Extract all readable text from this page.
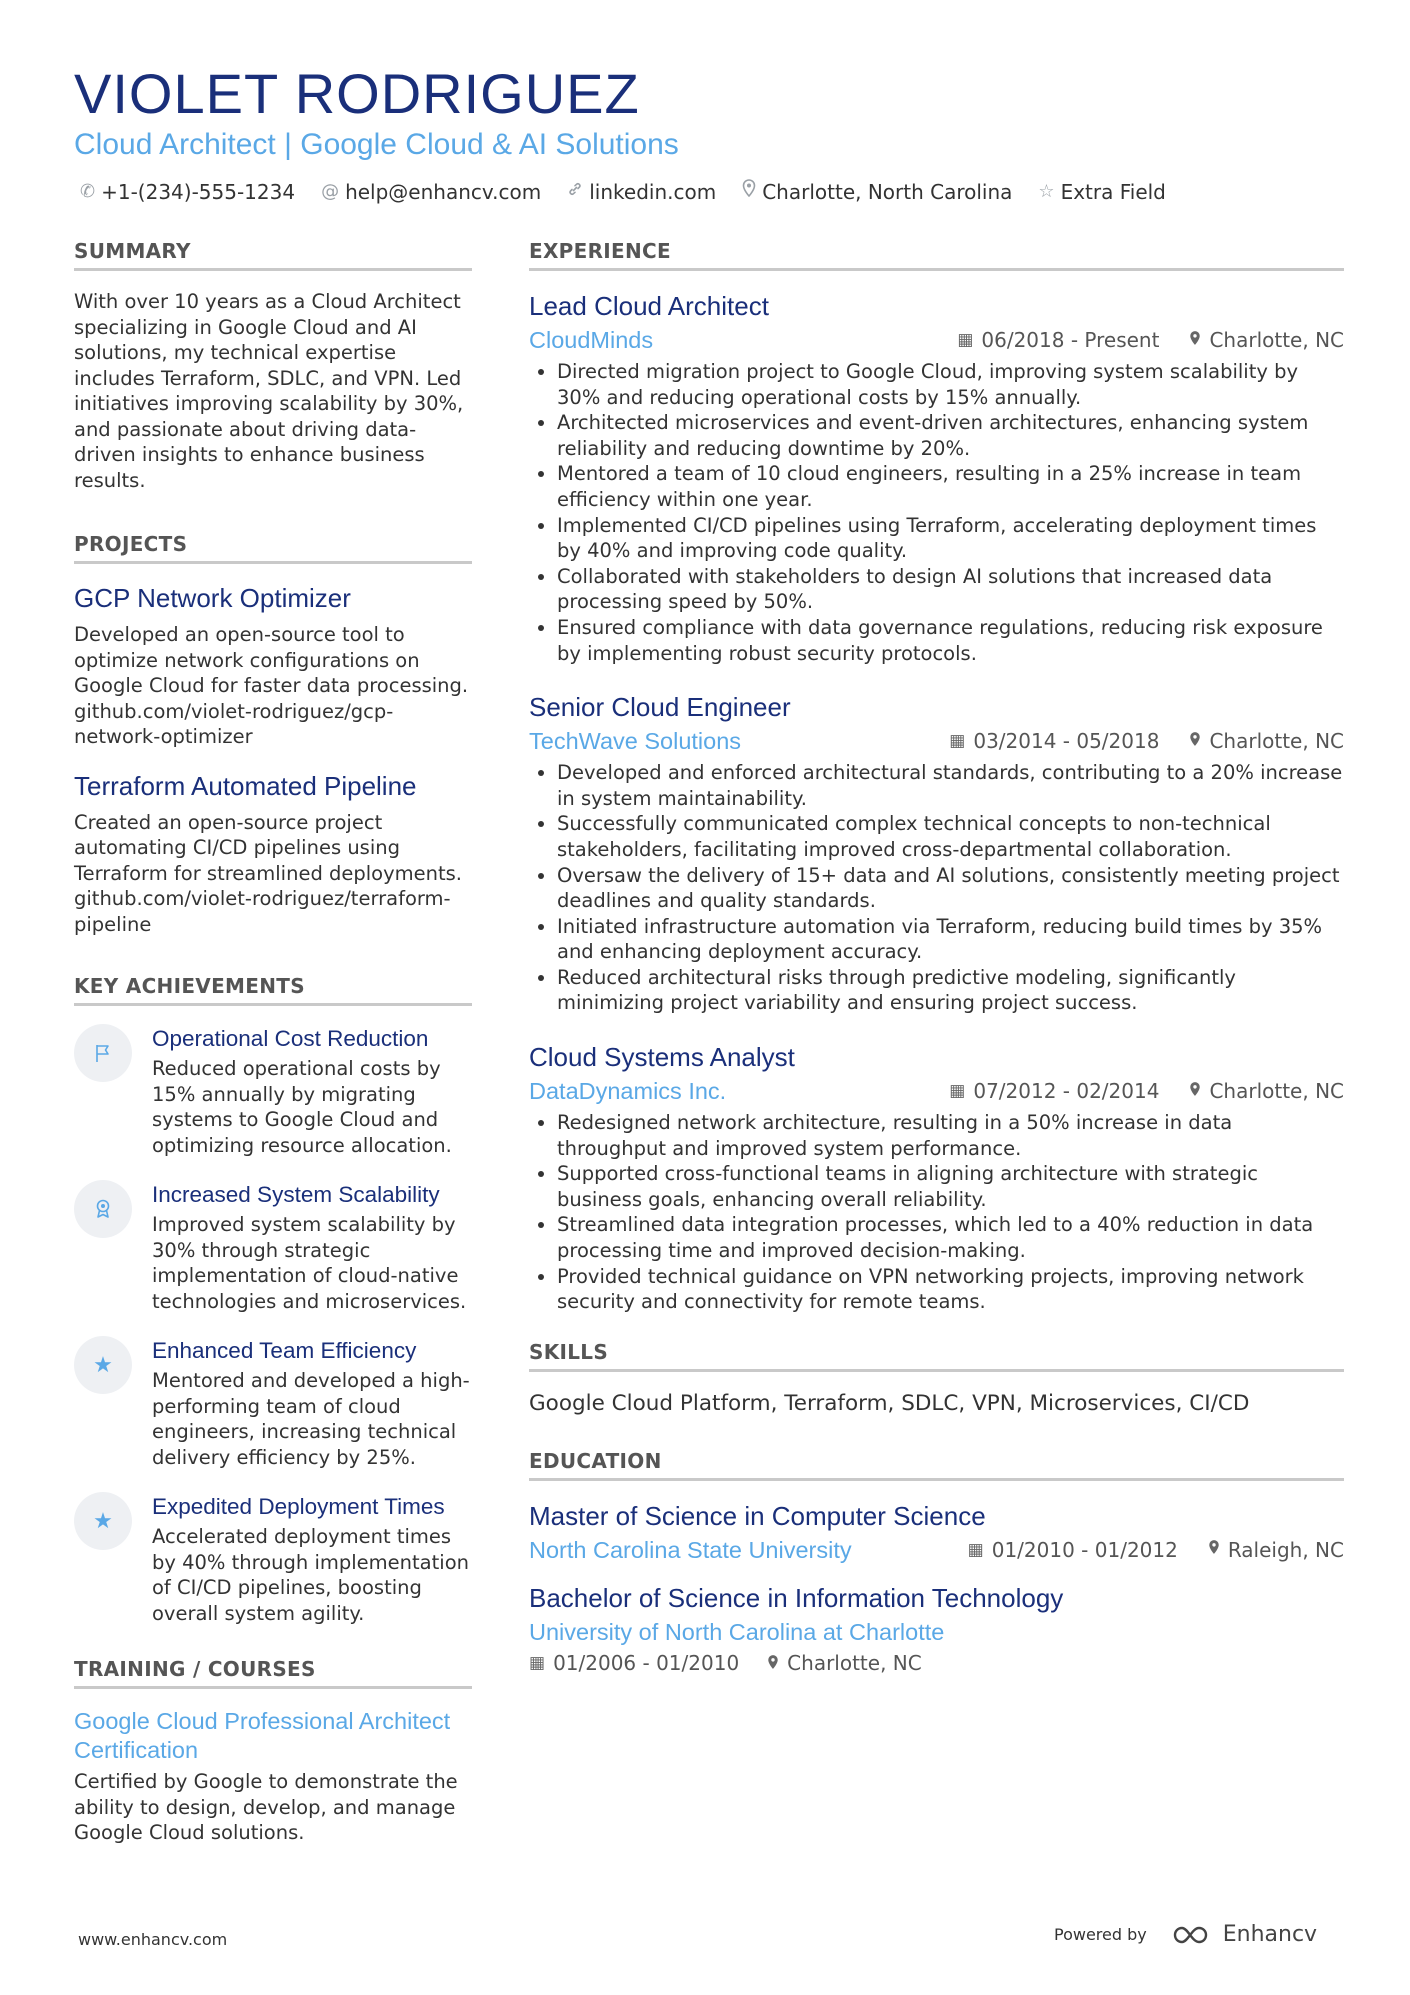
VIOLET RODRIGUEZ
Cloud Architect | Google Cloud & AI Solutions
✆ +1-(234)-555-1234 @ help@enhancv.com linkedin.com Charlotte, North Carolina ☆ Extra Field
SUMMARY

With over 10 years as a Cloud Architect specializing in Google Cloud and AI solutions, my technical expertise includes Terraform, SDLC, and VPN. Led initiatives improving scalability by 30%, and passionate about driving data-driven insights to enhance business results.

PROJECTS
GCP Network Optimizer

Developed an open-source tool to optimize network configurations on Google Cloud for faster data processing. github.com/violet-rodriguez/gcp-network-optimizer

Terraform Automated Pipeline

Created an open-source project automating CI/CD pipelines using Terraform for streamlined deployments. github.com/violet-rodriguez/terraform-pipeline

KEY ACHIEVEMENTS
Operational Cost Reduction

Reduced operational costs by 15% annually by migrating systems to Google Cloud and optimizing resource allocation.

Increased System Scalability

Improved system scalability by 30% through strategic implementation of cloud-native technologies and microservices.

★
Enhanced Team Efficiency

Mentored and developed a high-performing team of cloud engineers, increasing technical delivery efficiency by 25%.

★
Expedited Deployment Times

Accelerated deployment times by 40% through implementation of CI/CD pipelines, boosting overall system agility.

TRAINING / COURSES
Google Cloud Professional Architect Certification

Certified by Google to demonstrate the ability to design, develop, and manage Google Cloud solutions.

EXPERIENCE
Lead Cloud Architect
CloudMinds	▦ 06/2018 - Present	Charlotte, NC
• Directed migration project to Google Cloud, improving system scalability by 30% and reducing operational costs by 15% annually.
• Architected microservices and event-driven architectures, enhancing system reliability and reducing downtime by 20%.
• Mentored a team of 10 cloud engineers, resulting in a 25% increase in team efficiency within one year.
• Implemented CI/CD pipelines using Terraform, accelerating deployment times by 40% and improving code quality.
• Collaborated with stakeholders to design AI solutions that increased data processing speed by 50%.
• Ensured compliance with data governance regulations, reducing risk exposure by implementing robust security protocols.
Senior Cloud Engineer
TechWave Solutions	▦ 03/2014 - 05/2018	Charlotte, NC
• Developed and enforced architectural standards, contributing to a 20% increase in system maintainability.
• Successfully communicated complex technical concepts to non-technical stakeholders, facilitating improved cross-departmental collaboration.
• Oversaw the delivery of 15+ data and AI solutions, consistently meeting project deadlines and quality standards.
• Initiated infrastructure automation via Terraform, reducing build times by 35% and enhancing deployment accuracy.
• Reduced architectural risks through predictive modeling, significantly minimizing project variability and ensuring project success.
Cloud Systems Analyst
DataDynamics Inc.	▦ 07/2012 - 02/2014	Charlotte, NC
• Redesigned network architecture, resulting in a 50% increase in data throughput and improved system performance.
• Supported cross-functional teams in aligning architecture with strategic business goals, enhancing overall reliability.
• Streamlined data integration processes, which led to a 40% reduction in data processing time and improved decision-making.
• Provided technical guidance on VPN networking projects, improving network security and connectivity for remote teams.
SKILLS

Google Cloud Platform, Terraform, SDLC, VPN, Microservices, CI/CD

EDUCATION
Master of Science in Computer Science
North Carolina State University	▦ 01/2010 - 01/2012	Raleigh, NC
Bachelor of Science in Information Technology
University of North Carolina at Charlotte
▦ 01/2006 - 01/2010 Charlotte, NC
www.enhancv.com	Powered by	Enhancv
